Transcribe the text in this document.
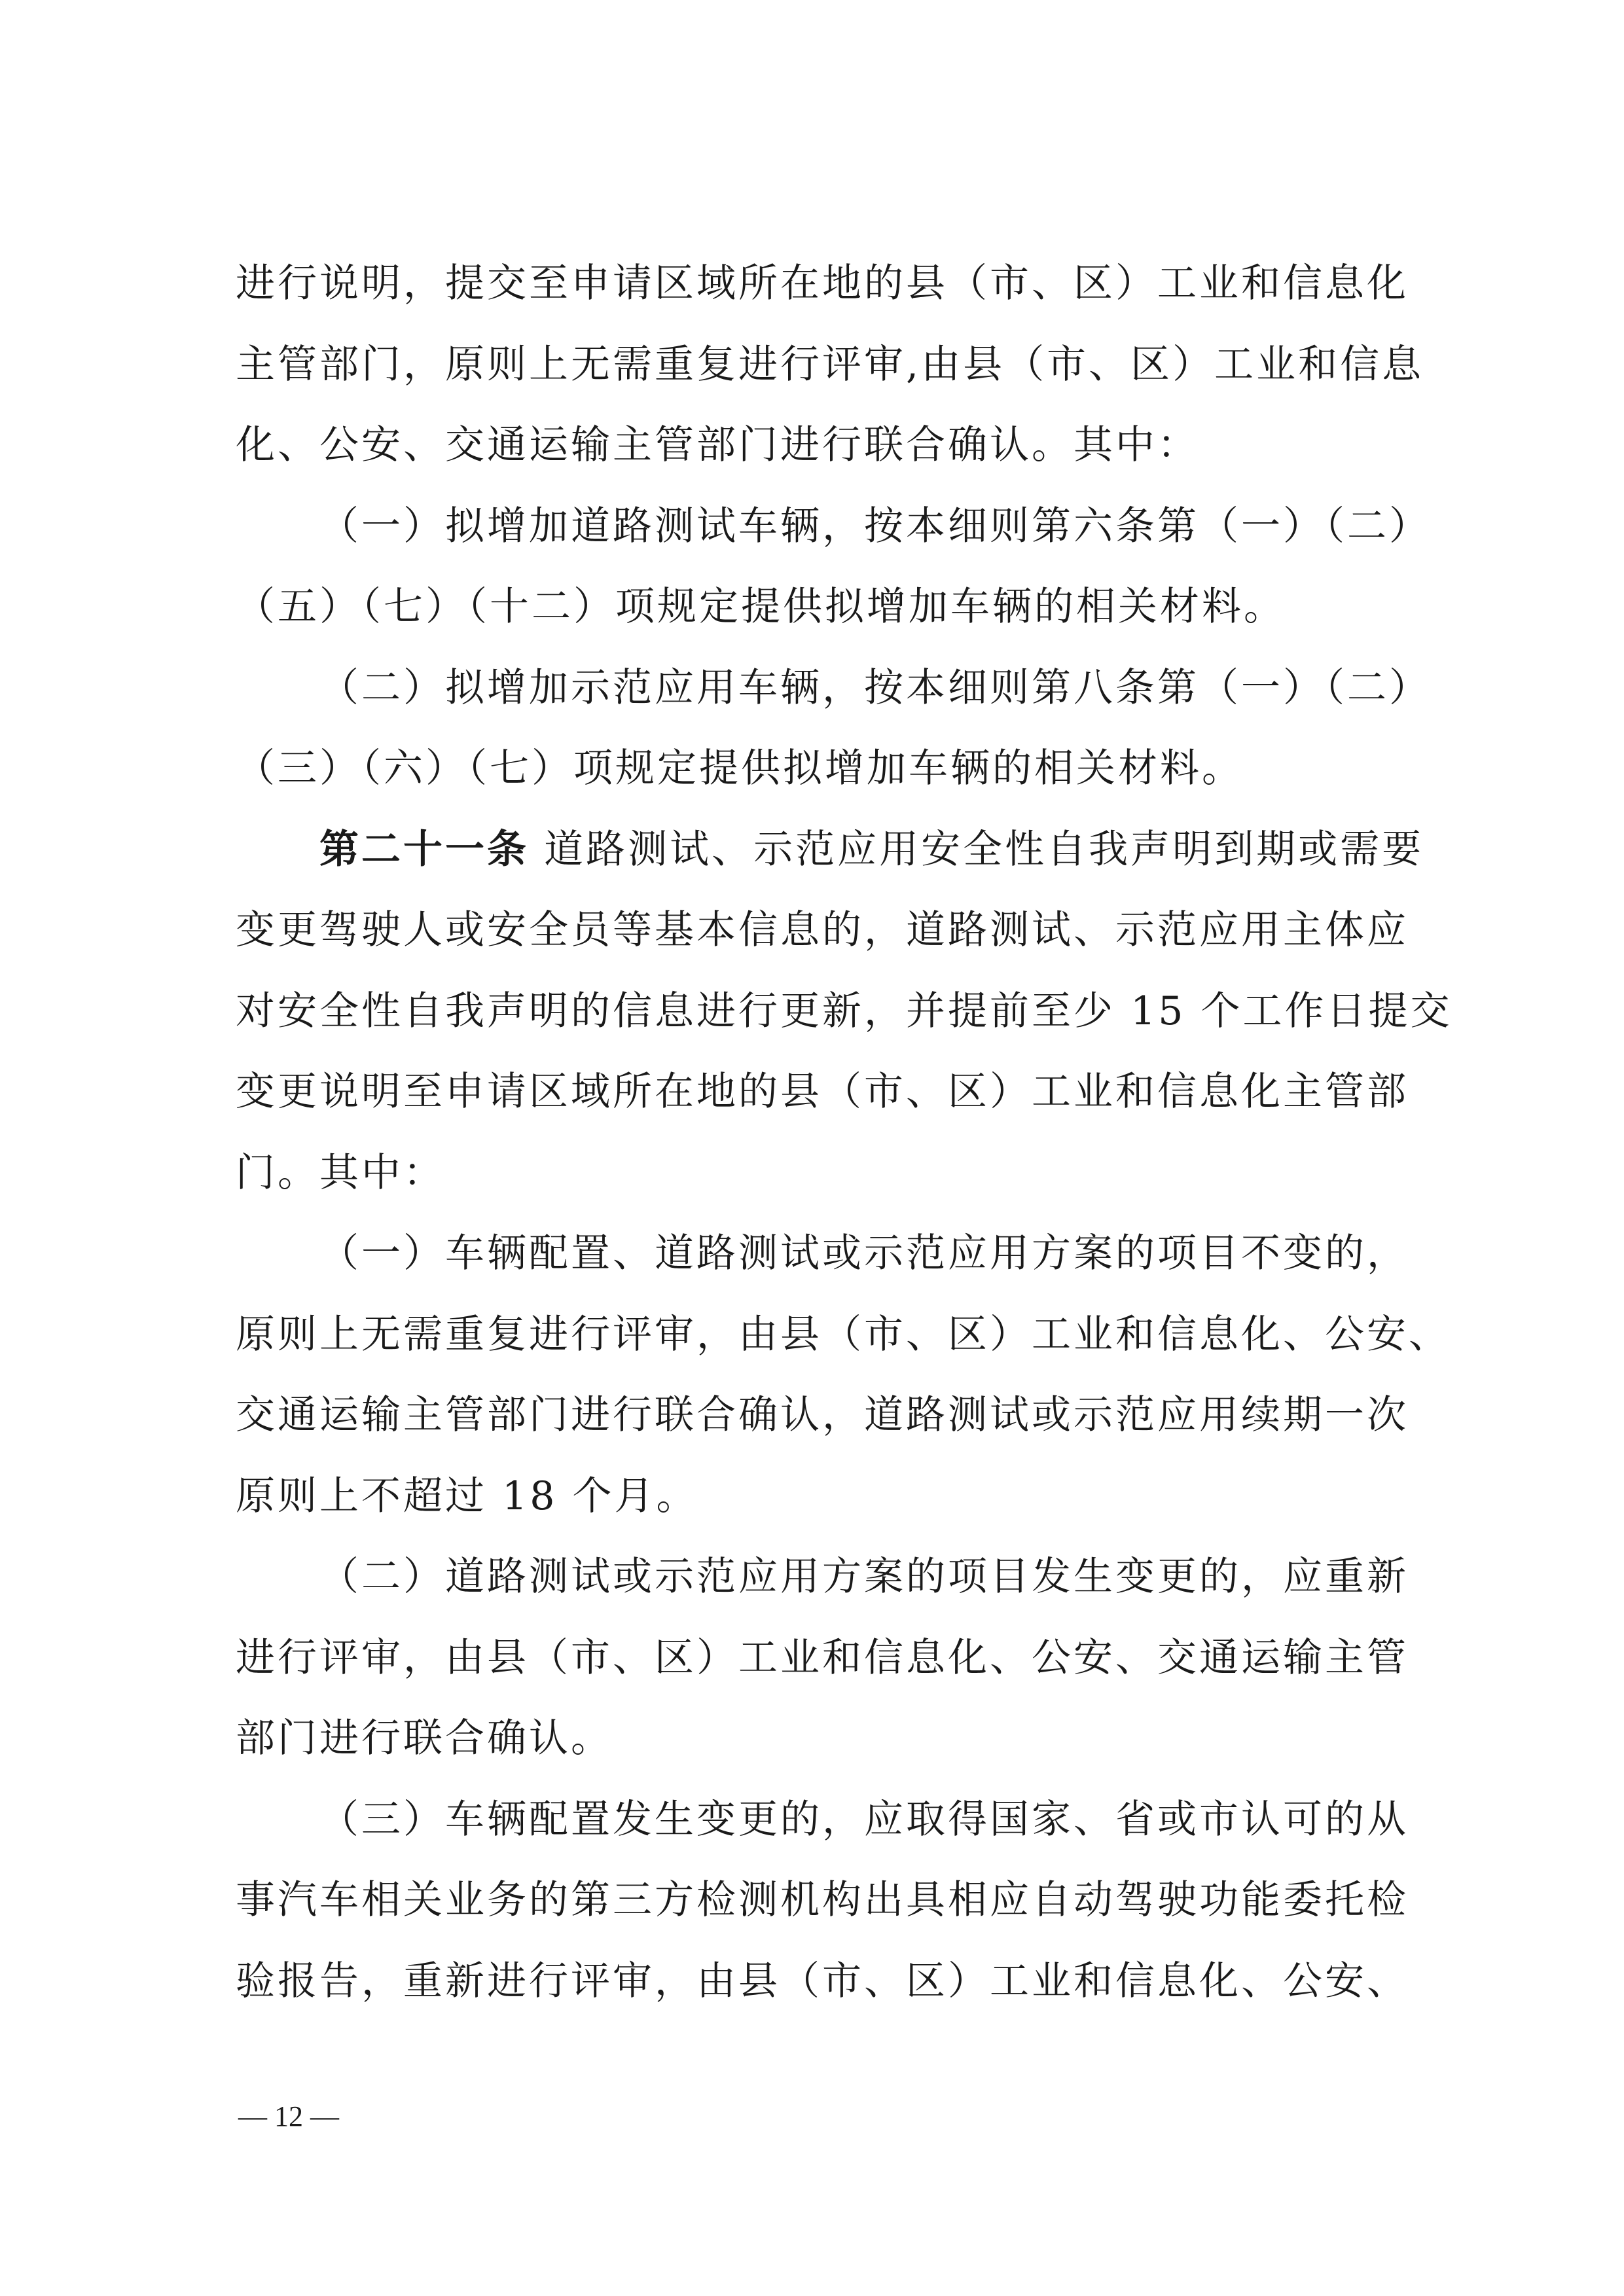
进行说明，提交至申请区域所在地的县（市、区）工业和信息化
主管部门，原则上无需重复进行评审,由县（市、区）工业和信息
化、公安、交通运输主管部门进行联合确认。其中：
（一）拟增加道路测试车辆，按本细则第六条第（一）（二）
（五）（七）（十二）项规定提供拟增加车辆的相关材料。
（二）拟增加示范应用车辆，按本细则第八条第（一）（二）
（三）（六）（七）项规定提供拟增加车辆的相关材料。
第二十一条 道路测试、示范应用安全性自我声明到期或需要
变更驾驶人或安全员等基本信息的，道路测试、示范应用主体应
对安全性自我声明的信息进行更新，并提前至少 15 个工作日提交
变更说明至申请区域所在地的县（市、区）工业和信息化主管部
门。其中：
（一）车辆配置、道路测试或示范应用方案的项目不变的，
原则上无需重复进行评审，由县（市、区）工业和信息化、公安、
交通运输主管部门进行联合确认，道路测试或示范应用续期一次
原则上不超过 18 个月。
（二）道路测试或示范应用方案的项目发生变更的，应重新
进行评审，由县（市、区）工业和信息化、公安、交通运输主管
部门进行联合确认。
（三）车辆配置发生变更的，应取得国家、省或市认可的从
事汽车相关业务的第三方检测机构出具相应自动驾驶功能委托检
验报告，重新进行评审，由县（市、区）工业和信息化、公安、
— 12 —
